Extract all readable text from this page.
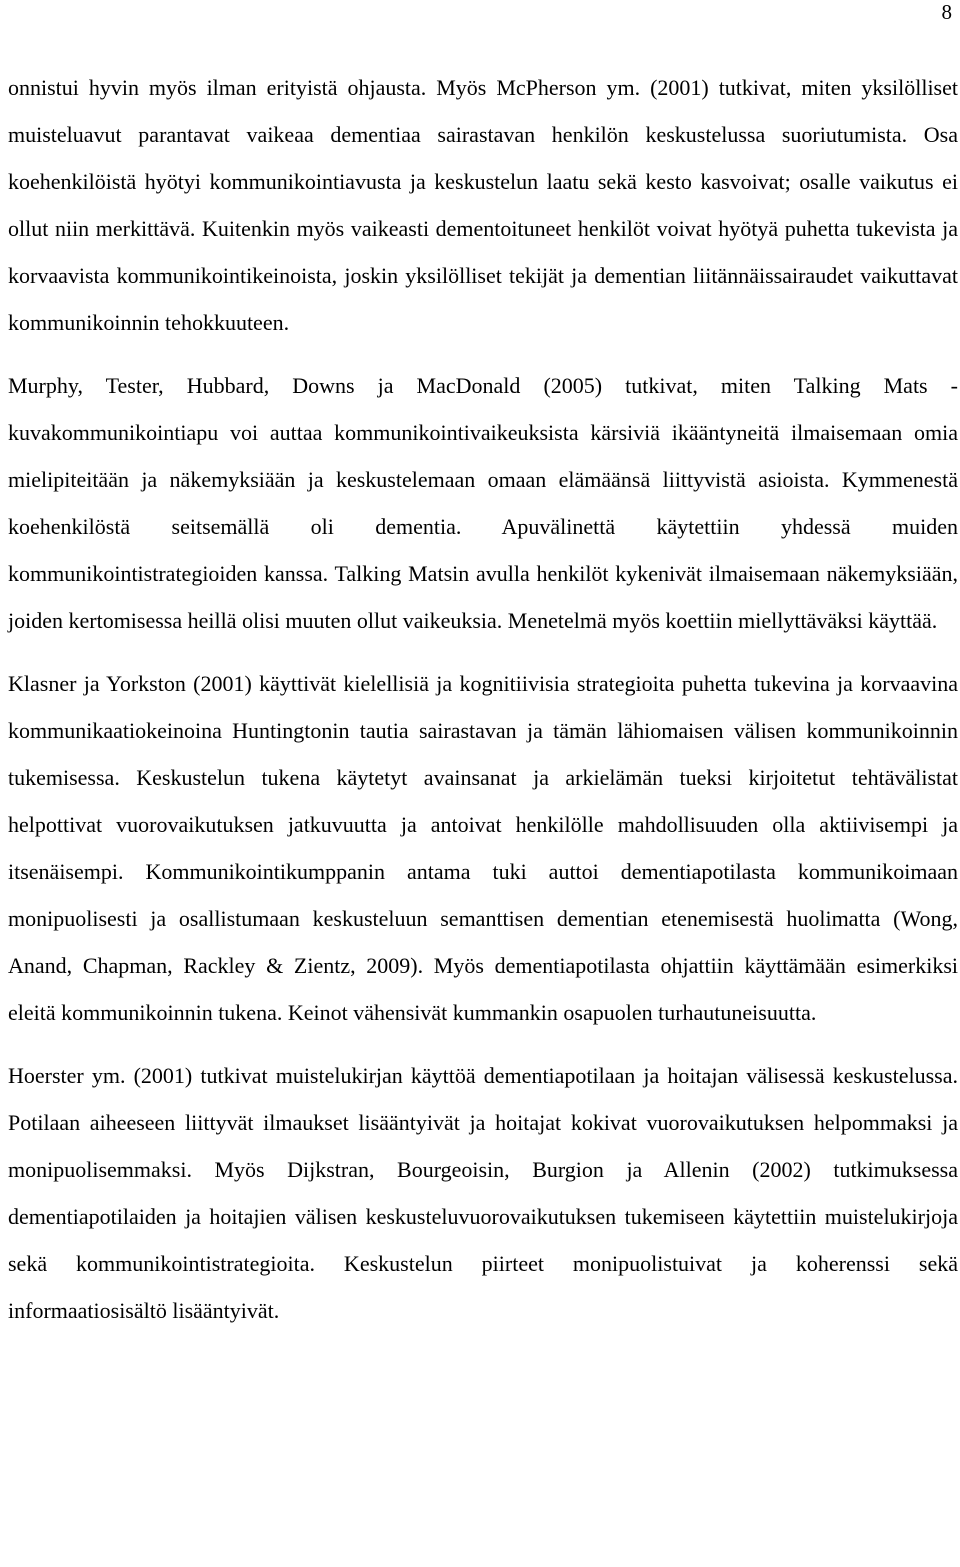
8

onnistui hyvin myös ilman erityistä ohjausta. Myös McPherson ym. (2001) tutkivat, miten yksilölliset muisteluavut parantavat vaikeaa dementiaa sairastavan henkilön keskustelussa suoriutumista. Osa koehenkilöistä hyötyi kommunikointiavusta ja keskustelun laatu sekä kesto kasvoivat; osalle vaikutus ei ollut niin merkittävä. Kuitenkin myös vaikeasti dementoituneet henkilöt voivat hyötyä puhetta tukevista ja korvaavista kommunikointikeinoista, joskin yksilölliset tekijät ja dementian liitännäissairaudet vaikuttavat kommunikoinnin tehokkuuteen.

Murphy, Tester, Hubbard, Downs ja MacDonald (2005) tutkivat, miten Talking Mats -kuvakommunikointiapu voi auttaa kommunikointivaikeuksista kärsiviä ikääntyneitä ilmaisemaan omia mielipiteitään ja näkemyksiään ja keskustelemaan omaan elämäänsä liittyvistä asioista. Kymmenestä koehenkilöstä seitsemällä oli dementia. Apuvälinettä käytettiin yhdessä muiden kommunikointistrategioiden kanssa. Talking Matsin avulla henkilöt kykenivät ilmaisemaan näkemyksiään, joiden kertomisessa heillä olisi muuten ollut vaikeuksia. Menetelmä myös koettiin miellyttäväksi käyttää.

Klasner ja Yorkston (2001) käyttivät kielellisiä ja kognitiivisia strategioita puhetta tukevina ja korvaavina kommunikaatiokeinoina Huntingtonin tautia sairastavan ja tämän lähiomaisen välisen kommunikoinnin tukemisessa. Keskustelun tukena käytetyt avainsanat ja arkielämän tueksi kirjoitetut tehtävälistat helpottivat vuorovaikutuksen jatkuvuutta ja antoivat henkilölle mahdollisuuden olla aktiivisempi ja itsenäisempi. Kommunikointikumppanin antama tuki auttoi dementiapotilasta kommunikoimaan monipuolisesti ja osallistumaan keskusteluun semanttisen dementian etenemisestä huolimatta (Wong, Anand, Chapman, Rackley & Zientz, 2009). Myös dementiapotilasta ohjattiin käyttämään esimerkiksi eleitä kommunikoinnin tukena. Keinot vähensivät kummankin osapuolen turhautuneisuutta.

Hoerster ym. (2001) tutkivat muistelukirjan käyttöä dementiapotilaan ja hoitajan välisessä keskustelussa. Potilaan aiheeseen liittyvät ilmaukset lisääntyivät ja hoitajat kokivat vuorovaikutuksen helpommaksi ja monipuolisemmaksi. Myös Dijkstran, Bourgeoisin, Burgion ja Allenin (2002) tutkimuksessa dementiapotilaiden ja hoitajien välisen keskusteluvuorovaikutuksen tukemiseen käytettiin muistelukirjoja sekä kommunikointistrategioita. Keskustelun piirteet monipuolistuivat ja koherenssi sekä informaatiosisältö lisääntyivät.
